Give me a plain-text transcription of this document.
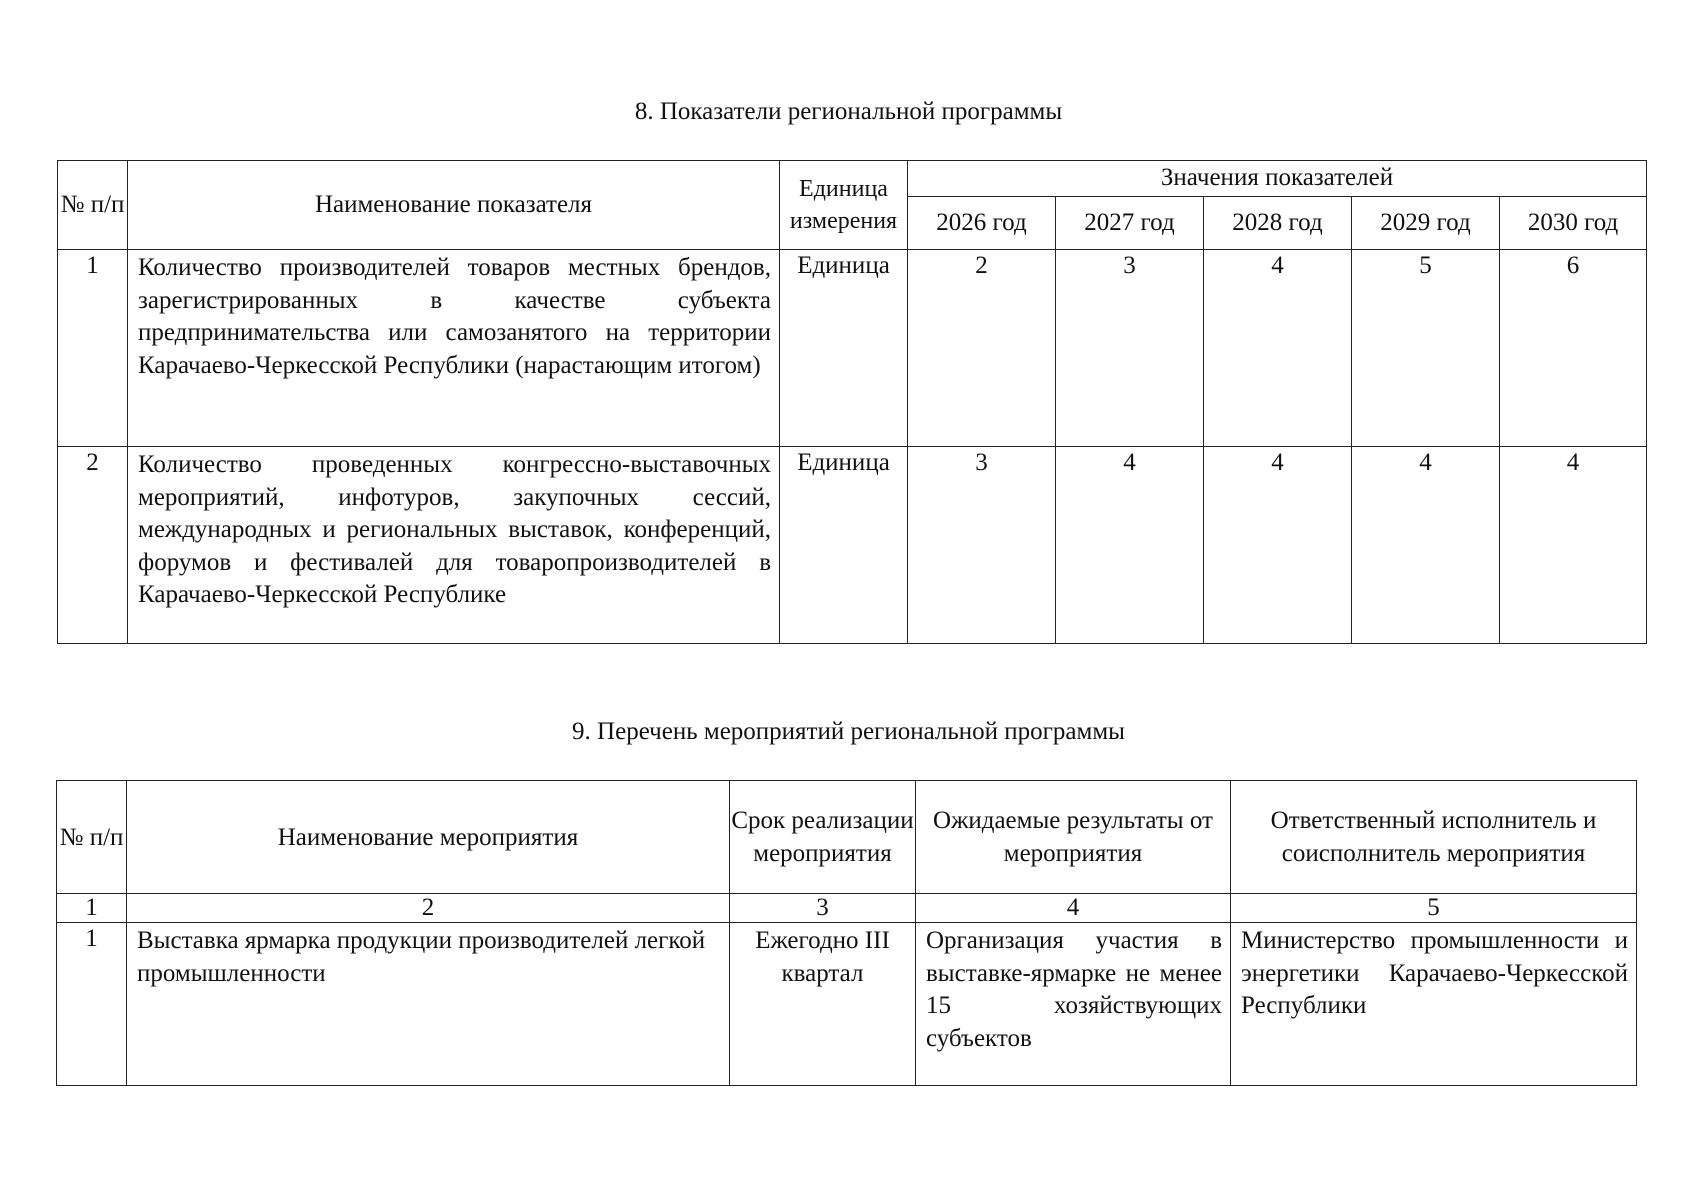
8. Показатели региональной программы
№ п/п	Наименование показателя	Единица измерения	Значения показателей				
			2026 год	2027 год	2028 год	2029 год	2030 год
1	Количество производителей товаров местных брендов, зарегистрированных в качестве субъекта предпринимательства или самозанятого на территории Карачаево-Черкесской Республики (нарастающим итогом)	Единица	2	3	4	5	6
2	Количество проведенных конгрессно-выставочных мероприятий, инфотуров, закупочных сессий, международных и региональных выставок, конференций, форумов и фестивалей для товаропроизводителей в Карачаево-Черкесской Республике	Единица	3	4	4	4	4
9. Перечень мероприятий региональной программы
№ п/п	Наименование мероприятия	Срок реализации мероприятия	Ожидаемые результаты от мероприятия	Ответственный исполнитель и соисполнитель мероприятия
1	2	3	4	5
1	Выставка ярмарка продукции производителей легкой промышленности	Ежегодно III квартал	Организация участия в выставке-ярмарке не менее 15 хозяйствующих субъектов	Министерство промышленности и энергетики Карачаево-Черкесской Республики
